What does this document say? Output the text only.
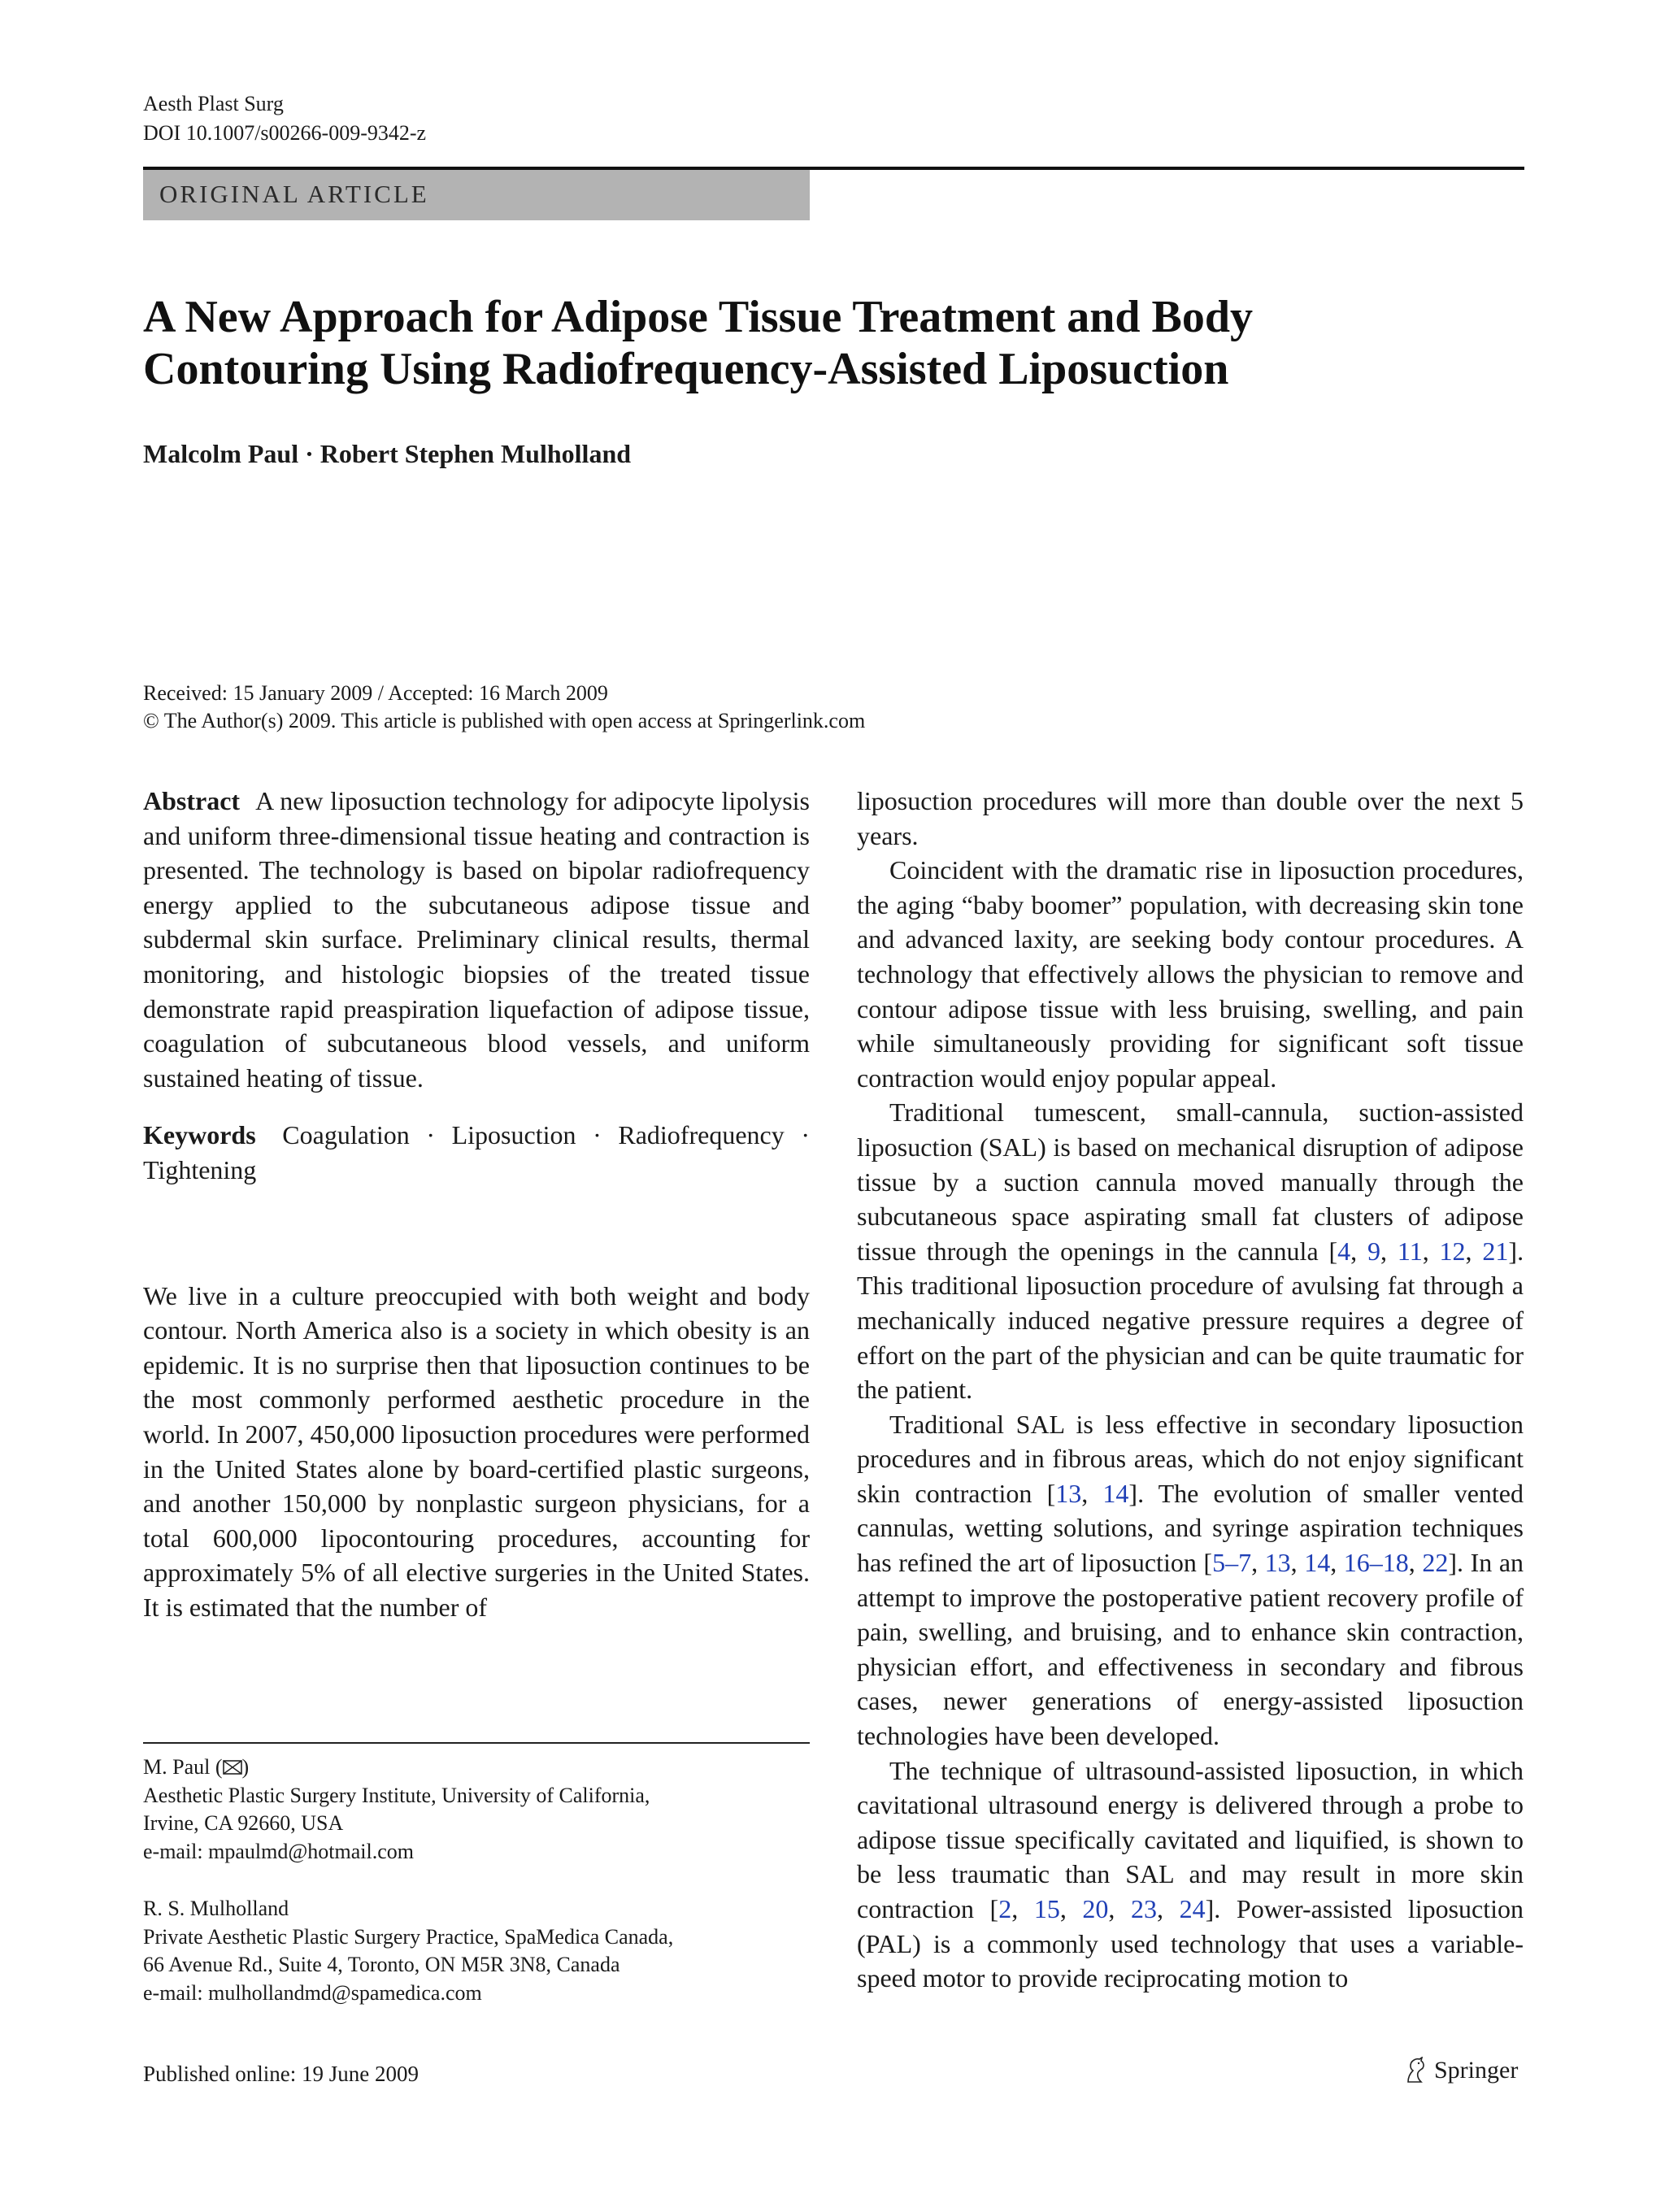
Aesth Plast Surg
DOI 10.1007/s00266-009-9342-z
ORIGINAL ARTICLE
A New Approach for Adipose Tissue Treatment and Body
Contouring Using Radiofrequency-Assisted Liposuction
Malcolm Paul · Robert Stephen Mulholland
Received: 15 January 2009 / Accepted: 16 March 2009
© The Author(s) 2009. This article is published with open access at Springerlink.com

Abstract A new liposuction technology for adipocyte lipolysis and uniform three-dimensional tissue heating and contraction is presented. The technology is based on bipolar radiofrequency energy applied to the subcutaneous adipose tissue and subdermal skin surface. Preliminary clinical results, thermal monitoring, and histologic biopsies of the treated tissue demonstrate rapid preaspiration liquefaction of adipose tissue, coagulation of subcutaneous blood vessels, and uniform sustained heating of tissue.

Keywords Coagulation · Liposuction · Radiofrequency · Tightening

We live in a culture preoccupied with both weight and body contour. North America also is a society in which obesity is an epidemic. It is no surprise then that liposuction continues to be the most commonly performed aesthetic procedure in the world. In 2007, 450,000 liposuction procedures were performed in the United States alone by board-certified plastic surgeons, and another 150,000 by nonplastic surgeon physicians, for a total 600,000 lipocontouring procedures, accounting for approximately 5% of all elective surgeries in the United States. It is estimated that the number of

M. Paul ( )
Aesthetic Plastic Surgery Institute, University of California,
Irvine, CA 92660, USA
e-mail: mpaulmd@hotmail.com
R. S. Mulholland
Private Aesthetic Plastic Surgery Practice, SpaMedica Canada,
66 Avenue Rd., Suite 4, Toronto, ON M5R 3N8, Canada
e-mail: mulhollandmd@spamedica.com

liposuction procedures will more than double over the next 5 years.

Coincident with the dramatic rise in liposuction procedures, the aging “baby boomer” population, with decreasing skin tone and advanced laxity, are seeking body contour procedures. A technology that effectively allows the physician to remove and contour adipose tissue with less bruising, swelling, and pain while simultaneously providing for significant soft tissue contraction would enjoy popular appeal.

Traditional tumescent, small-cannula, suction-assisted liposuction (SAL) is based on mechanical disruption of adipose tissue by a suction cannula moved manually through the subcutaneous space aspirating small fat clusters of adipose tissue through the openings in the cannula [4, 9, 11, 12, 21]. This traditional liposuction procedure of avulsing fat through a mechanically induced negative pressure requires a degree of effort on the part of the physician and can be quite traumatic for the patient.

Traditional SAL is less effective in secondary liposuction procedures and in fibrous areas, which do not enjoy significant skin contraction [13, 14]. The evolution of smaller vented cannulas, wetting solutions, and syringe aspiration techniques has refined the art of liposuction [5–7, 13, 14, 16–18, 22]. In an attempt to improve the postoperative patient recovery profile of pain, swelling, and bruising, and to enhance skin contraction, physician effort, and effectiveness in secondary and fibrous cases, newer generations of energy-assisted liposuction technologies have been developed.

The technique of ultrasound-assisted liposuction, in which cavitational ultrasound energy is delivered through a probe to adipose tissue specifically cavitated and liquified, is shown to be less traumatic than SAL and may result in more skin contraction [2, 15, 20, 23, 24]. Power-assisted liposuction (PAL) is a commonly used technology that uses a variable-speed motor to provide reciprocating motion to

Published online: 19 June 2009	Springer
